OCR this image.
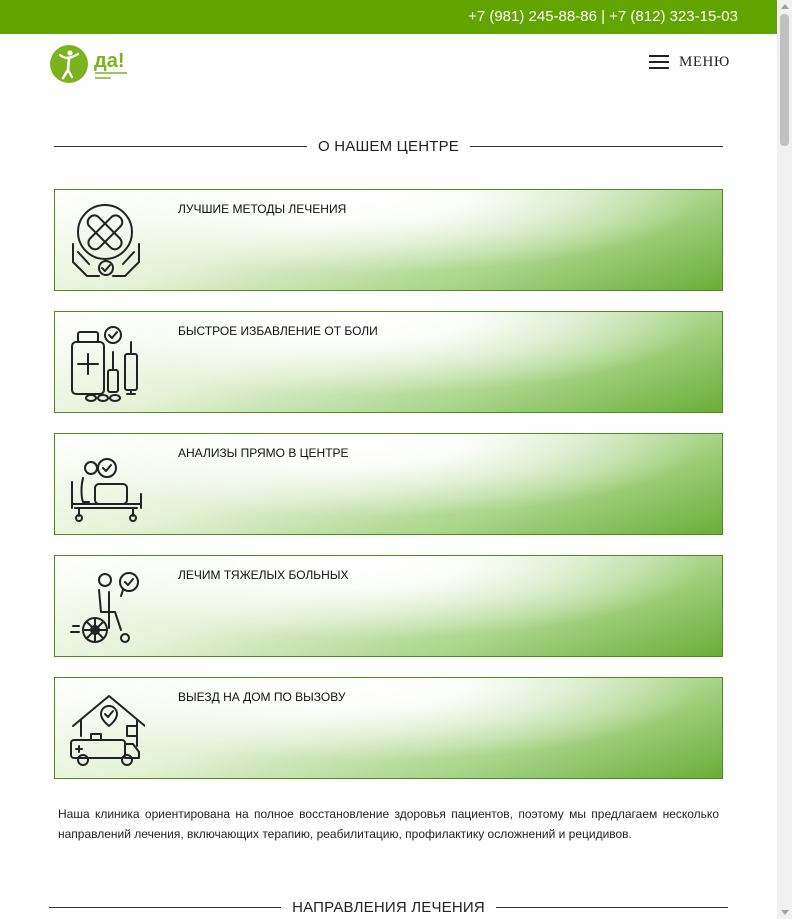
+7 (981) 245-88-86 | +7 (812) 323-15-03
да!	МЕНЮ
О НАШЕМ ЦЕНТРЕ
ЛУЧШИЕ МЕТОДЫ ЛЕЧЕНИЯ
БЫСТРОЕ ИЗБАВЛЕНИЕ ОТ БОЛИ
АНАЛИЗЫ ПРЯМО В ЦЕНТРЕ
ЛЕЧИМ ТЯЖЕЛЫХ БОЛЬНЫХ
ВЫЕЗД НА ДОМ ПО ВЫЗОВУ
Наша клиника ориентирована на полное восстановление здоровья пациентов, поэтому мы предлагаем несколько направлений лечения, включающих терапию, реабилитацию, профилактику осложнений и рецидивов.
НАПРАВЛЕНИЯ ЛЕЧЕНИЯ
